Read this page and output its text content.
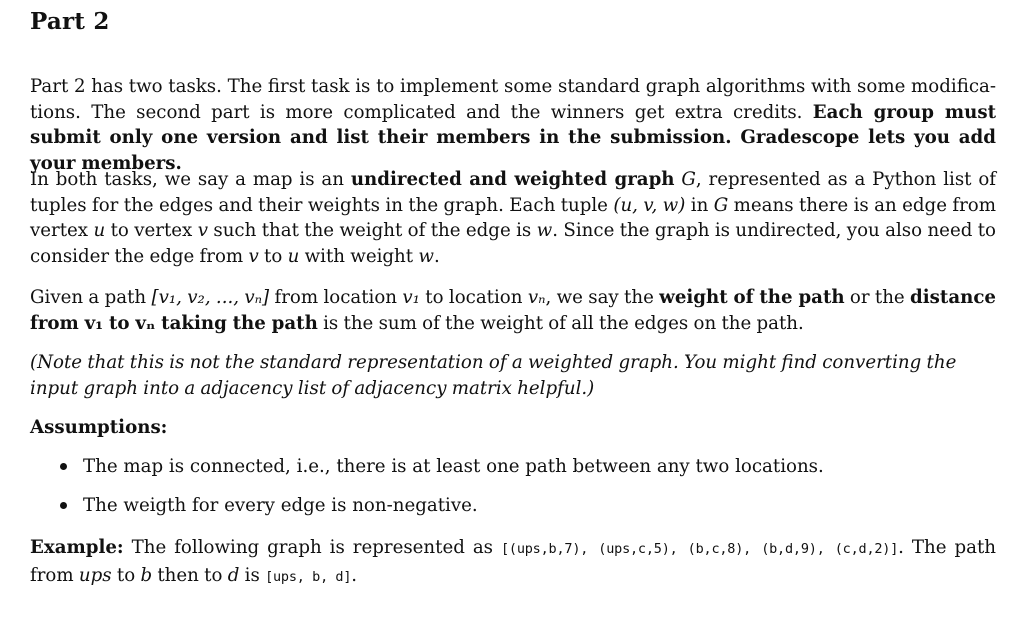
Part 2

Part 2 has two tasks. The first task is to implement some standard graph algorithms with some modifica-tions. The second part is more complicated and the winners get extra credits. Each group must submit only one version and list their members in the submission. Gradescope lets you add your members.

In both tasks, we say a map is an undirected and weighted graph G, represented as a Python list of tuples for the edges and their weights in the graph. Each tuple (u, v, w) in G means there is an edge from vertex u to vertex v such that the weight of the edge is w. Since the graph is undirected, you also need to consider the edge from v to u with weight w.

Given a path [v₁, v₂, ..., vₙ] from location v₁ to location vₙ, we say the weight of the path or the distance from v₁ to vₙ taking the path is the sum of the weight of all the edges on the path.

(Note that this is not the standard representation of a weighted graph. You might find converting the input graph into a adjacency list of adjacency matrix helpful.)

Assumptions:

The map is connected, i.e., there is at least one path between any two locations.
The weigth for every edge is non-negative.

Example: The following graph is represented as [(ups,b,7), (ups,c,5), (b,c,8), (b,d,9), (c,d,2)]. The path from ups to b then to d is [ups, b, d].
